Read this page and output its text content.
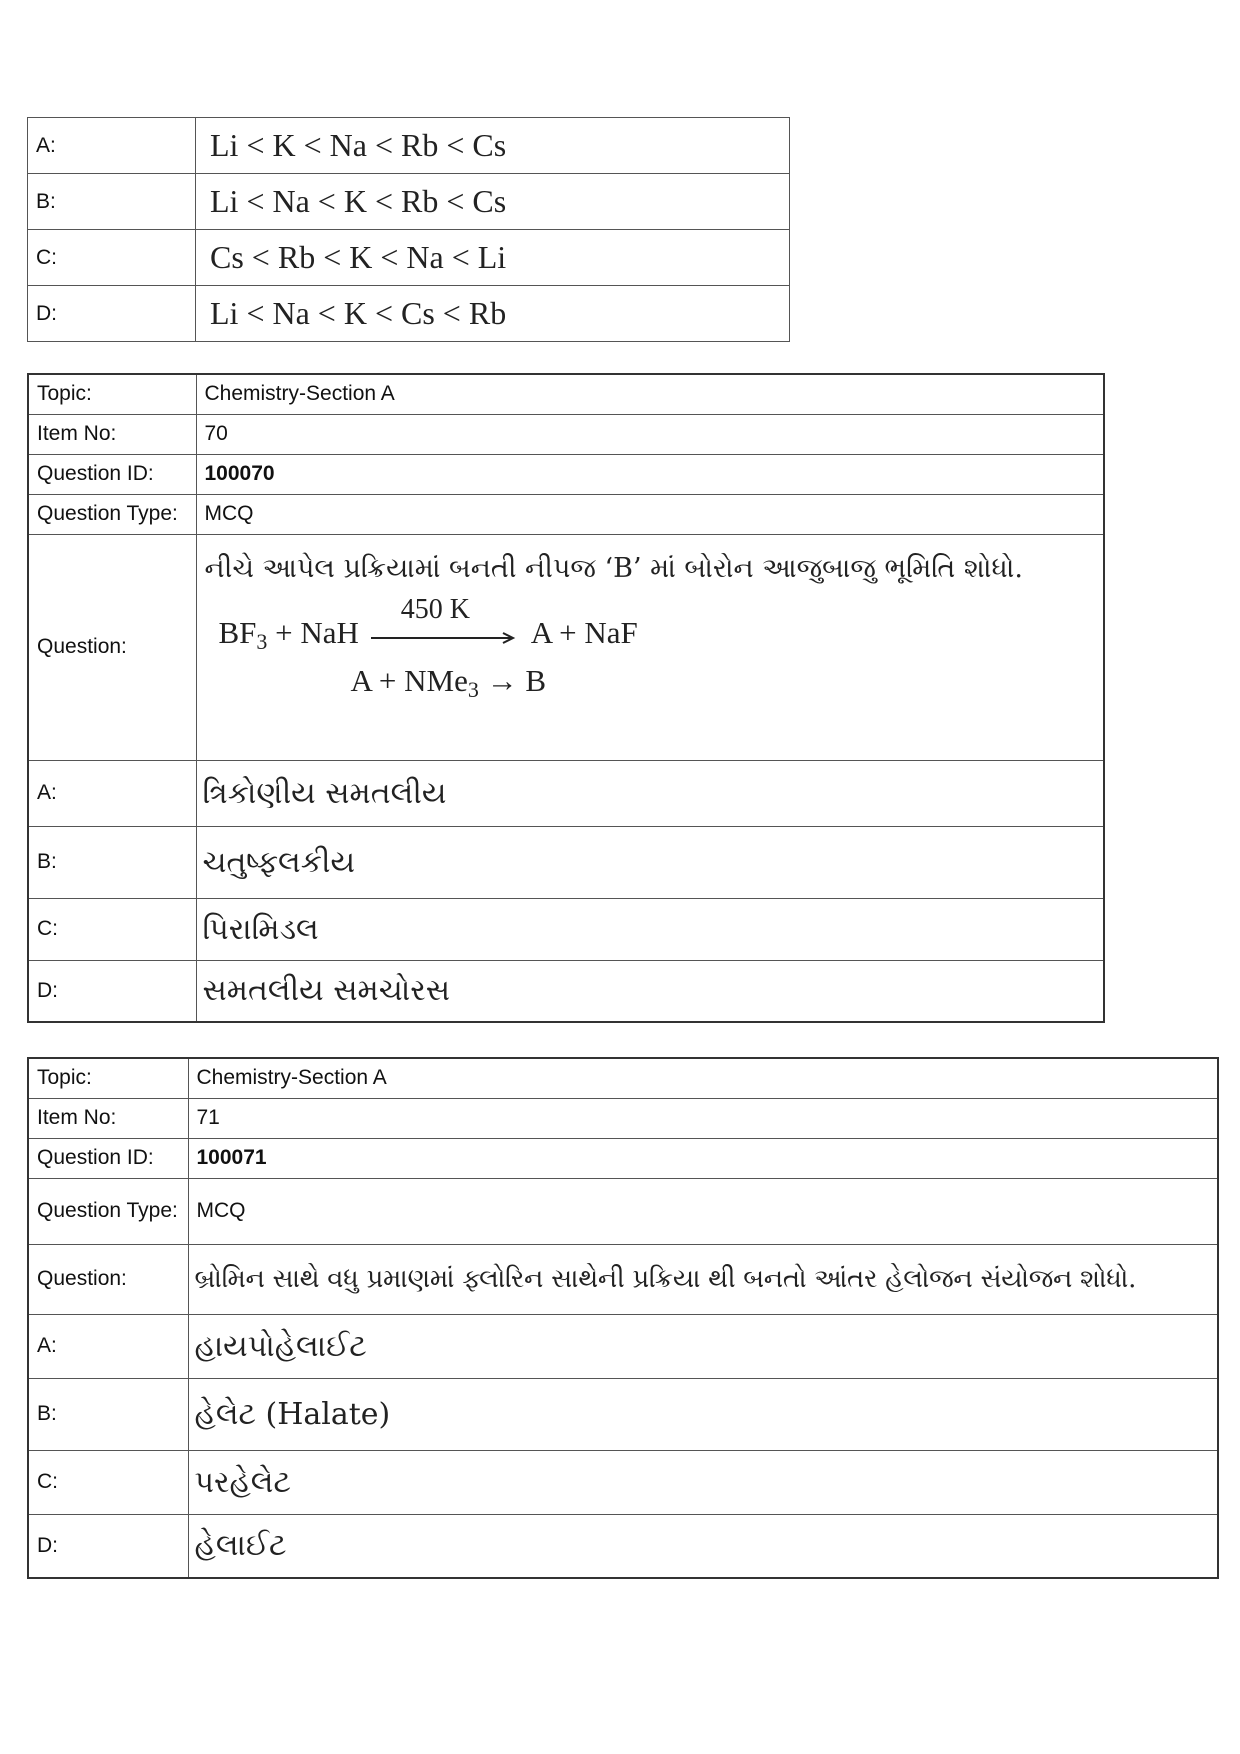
A:	Li < K < Na < Rb < Cs
B:	Li < Na < K < Rb < Cs
C:	Cs < Rb < K < Na < Li
D:	Li < Na < K < Cs < Rb
Topic:	Chemistry-Section A
Item No:	70
Question ID:	100070
Question Type:	MCQ
Question:	નીચે આપેલ પ્રક્રિયામાં બનતી નીપજ ‘B’ માં બોરોન આજુબાજુ ભૂમિતિ શોધો.
$BF_3$ + NaH
450 K
A + NaF
A + NMe$_3$ → B

A:	ત્રિકોણીય સમતલીય
B:	ચતુષ્ફલકીય
C:	પિરામિડલ
D:	સમતલીય સમચોરસ
Topic:	Chemistry-Section A
Item No:	71
Question ID:	100071
Question Type:	MCQ
Question:	બ્રોમિન સાથે વધુ પ્રમાણમાં ફ્લોરિન સાથેની પ્રક્રિયા થી બનતો આંતર હેલોજન સંયોજન શોધો.
A:	હાયપોહેલાઈટ
B:	હેલેટ (Halate)
C:	પરહેલેટ
D:	હેલાઈટ
